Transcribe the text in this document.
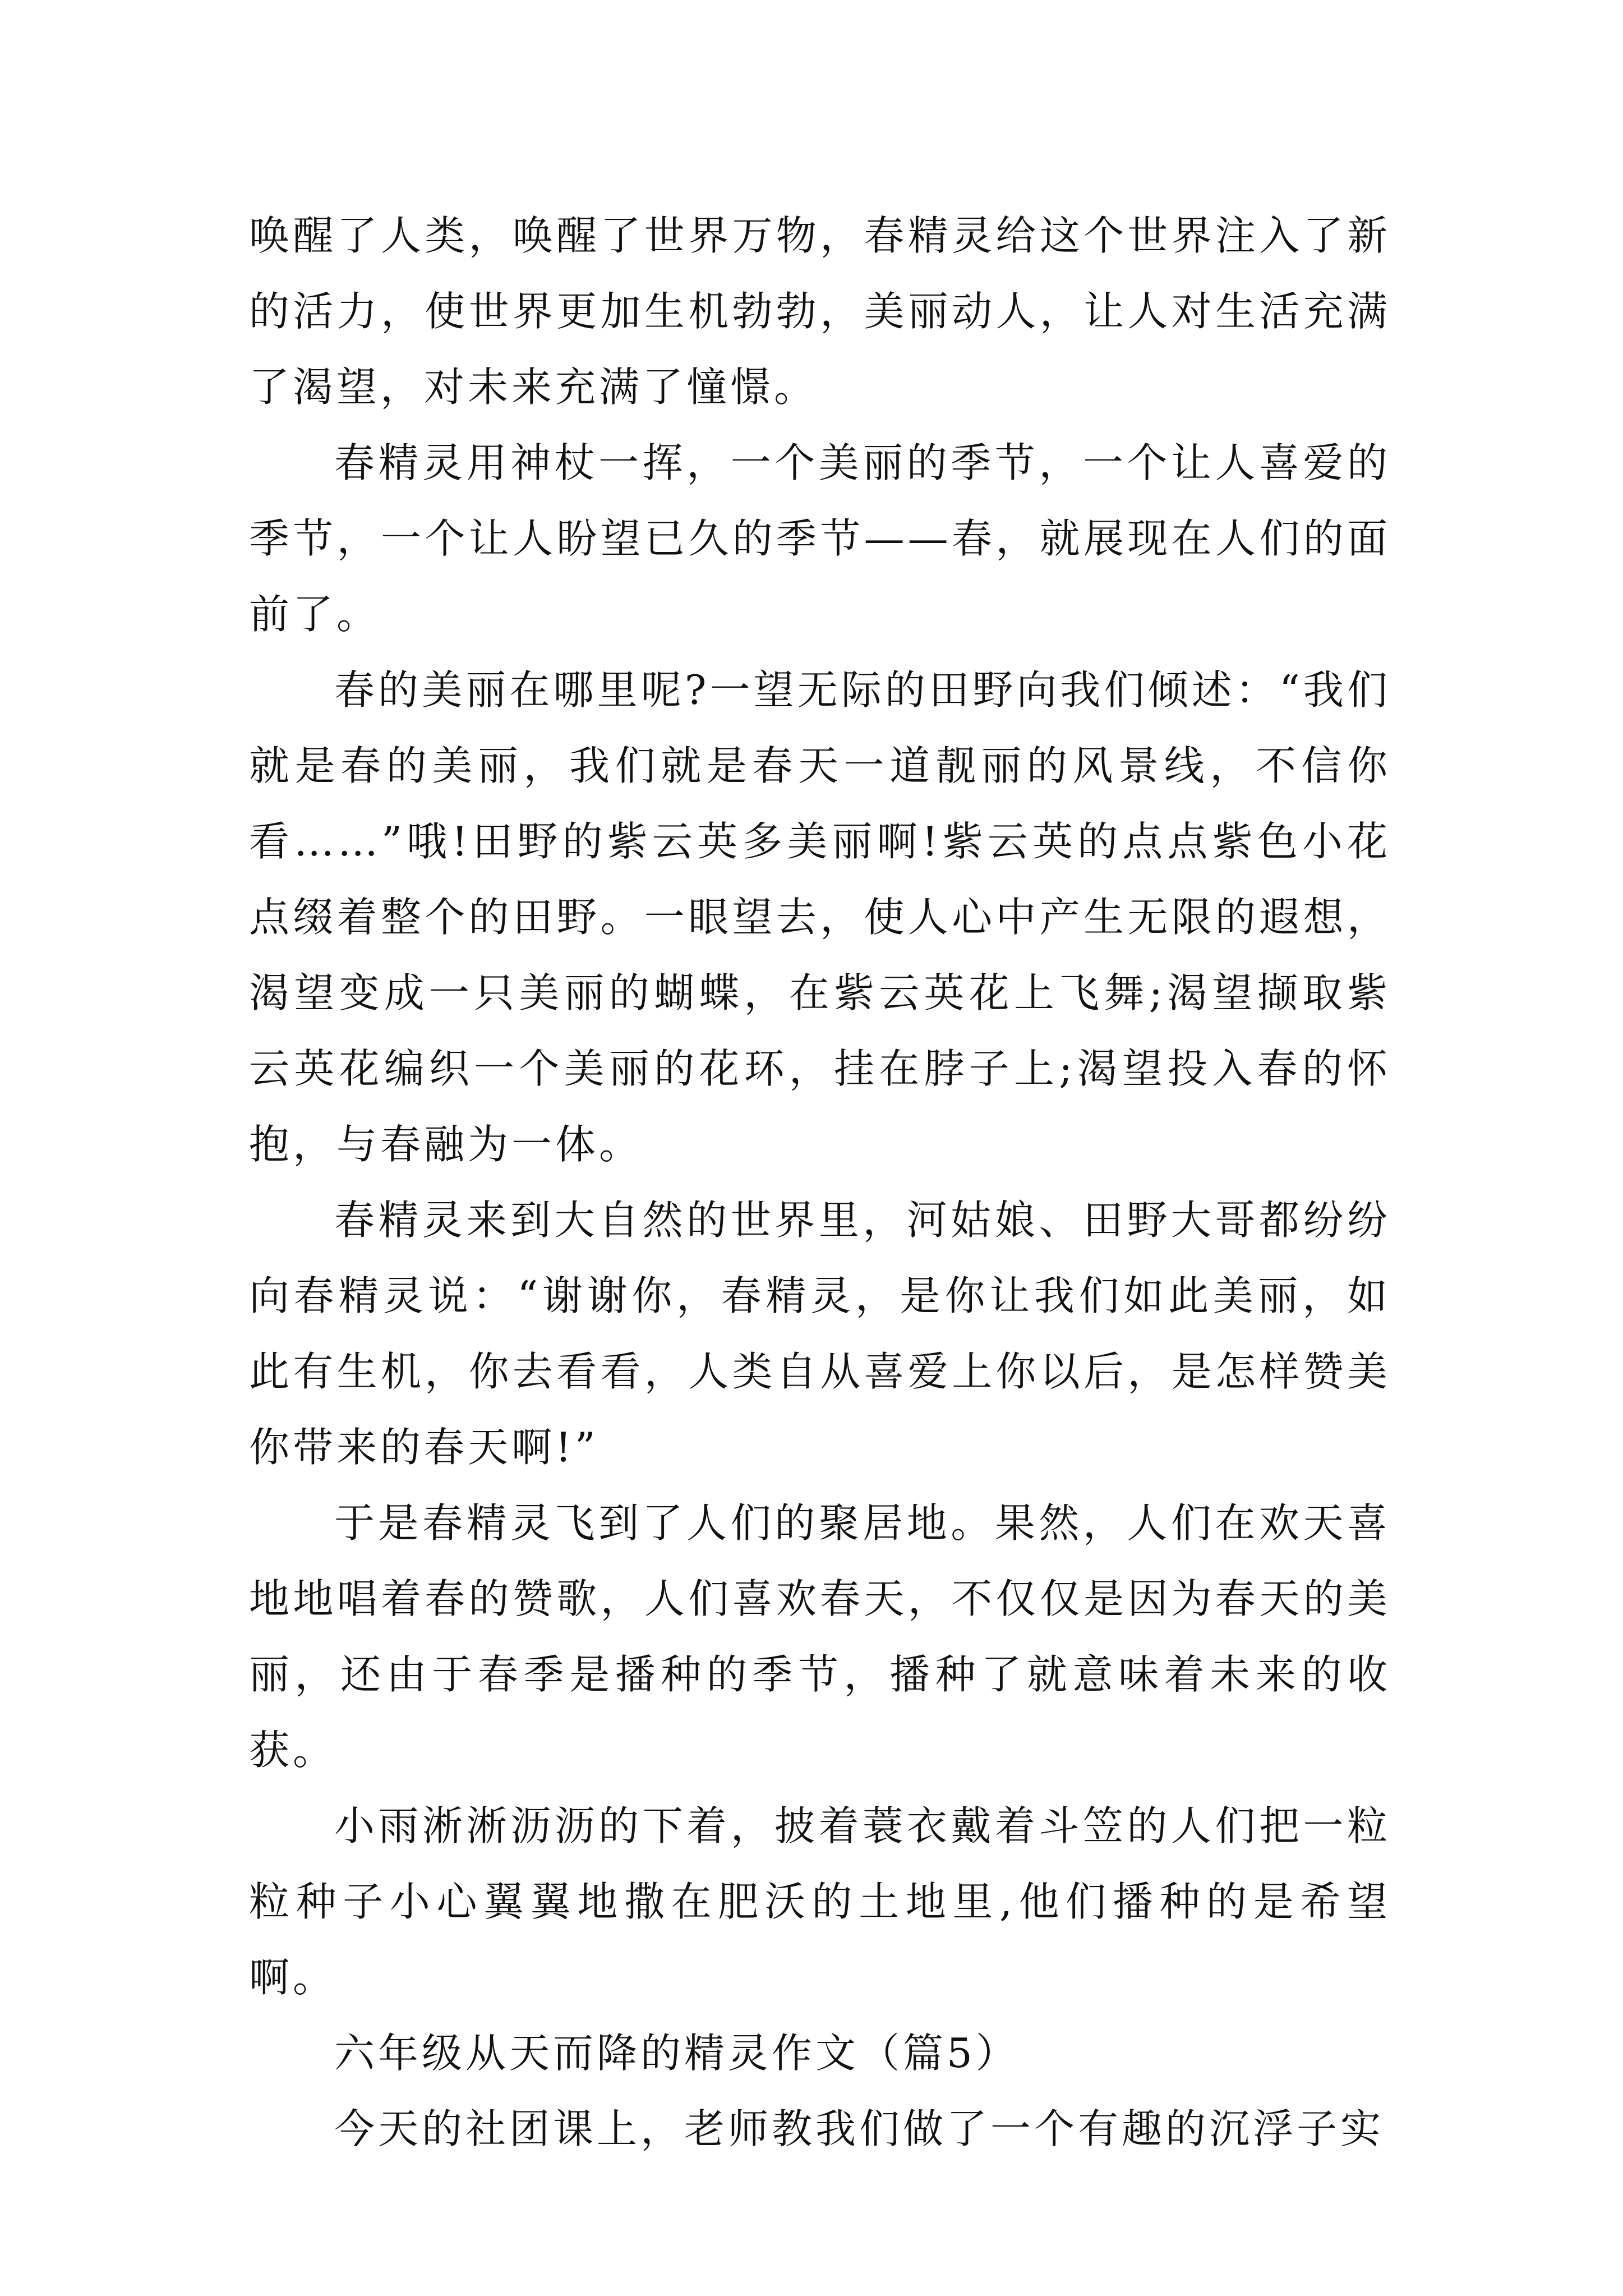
唤醒了人类，唤醒了世界万物，春精灵给这个世界注入了新的活力，使世界更加生机勃勃，美丽动人，让人对生活充满了渴望，对未来充满了憧憬。

春精灵用神杖一挥，一个美丽的季节，一个让人喜爱的季节，一个让人盼望已久的季节——春，就展现在人们的面前了。

春的美丽在哪里呢?一望无际的田野向我们倾述：“我们就是春的美丽，我们就是春天一道靓丽的风景线，不信你看……”哦!田野的紫云英多美丽啊!紫云英的点点紫色小花点缀着整个的田野。一眼望去，使人心中产生无限的遐想，渴望变成一只美丽的蝴蝶，在紫云英花上飞舞;渴望撷取紫云英花编织一个美丽的花环，挂在脖子上;渴望投入春的怀抱，与春融为一体。

春精灵来到大自然的世界里，河姑娘、田野大哥都纷纷向春精灵说：“谢谢你，春精灵，是你让我们如此美丽，如此有生机，你去看看，人类自从喜爱上你以后，是怎样赞美你带来的春天啊!”

于是春精灵飞到了人们的聚居地。果然，人们在欢天喜地地唱着春的赞歌，人们喜欢春天，不仅仅是因为春天的美丽，还由于春季是播种的季节，播种了就意味着未来的收获。

小雨淅淅沥沥的下着，披着蓑衣戴着斗笠的人们把一粒粒种子小心翼翼地撒在肥沃的土地里,他们播种的是希望啊。

六年级从天而降的精灵作文（篇5）

今天的社团课上，老师教我们做了一个有趣的沉浮子实
